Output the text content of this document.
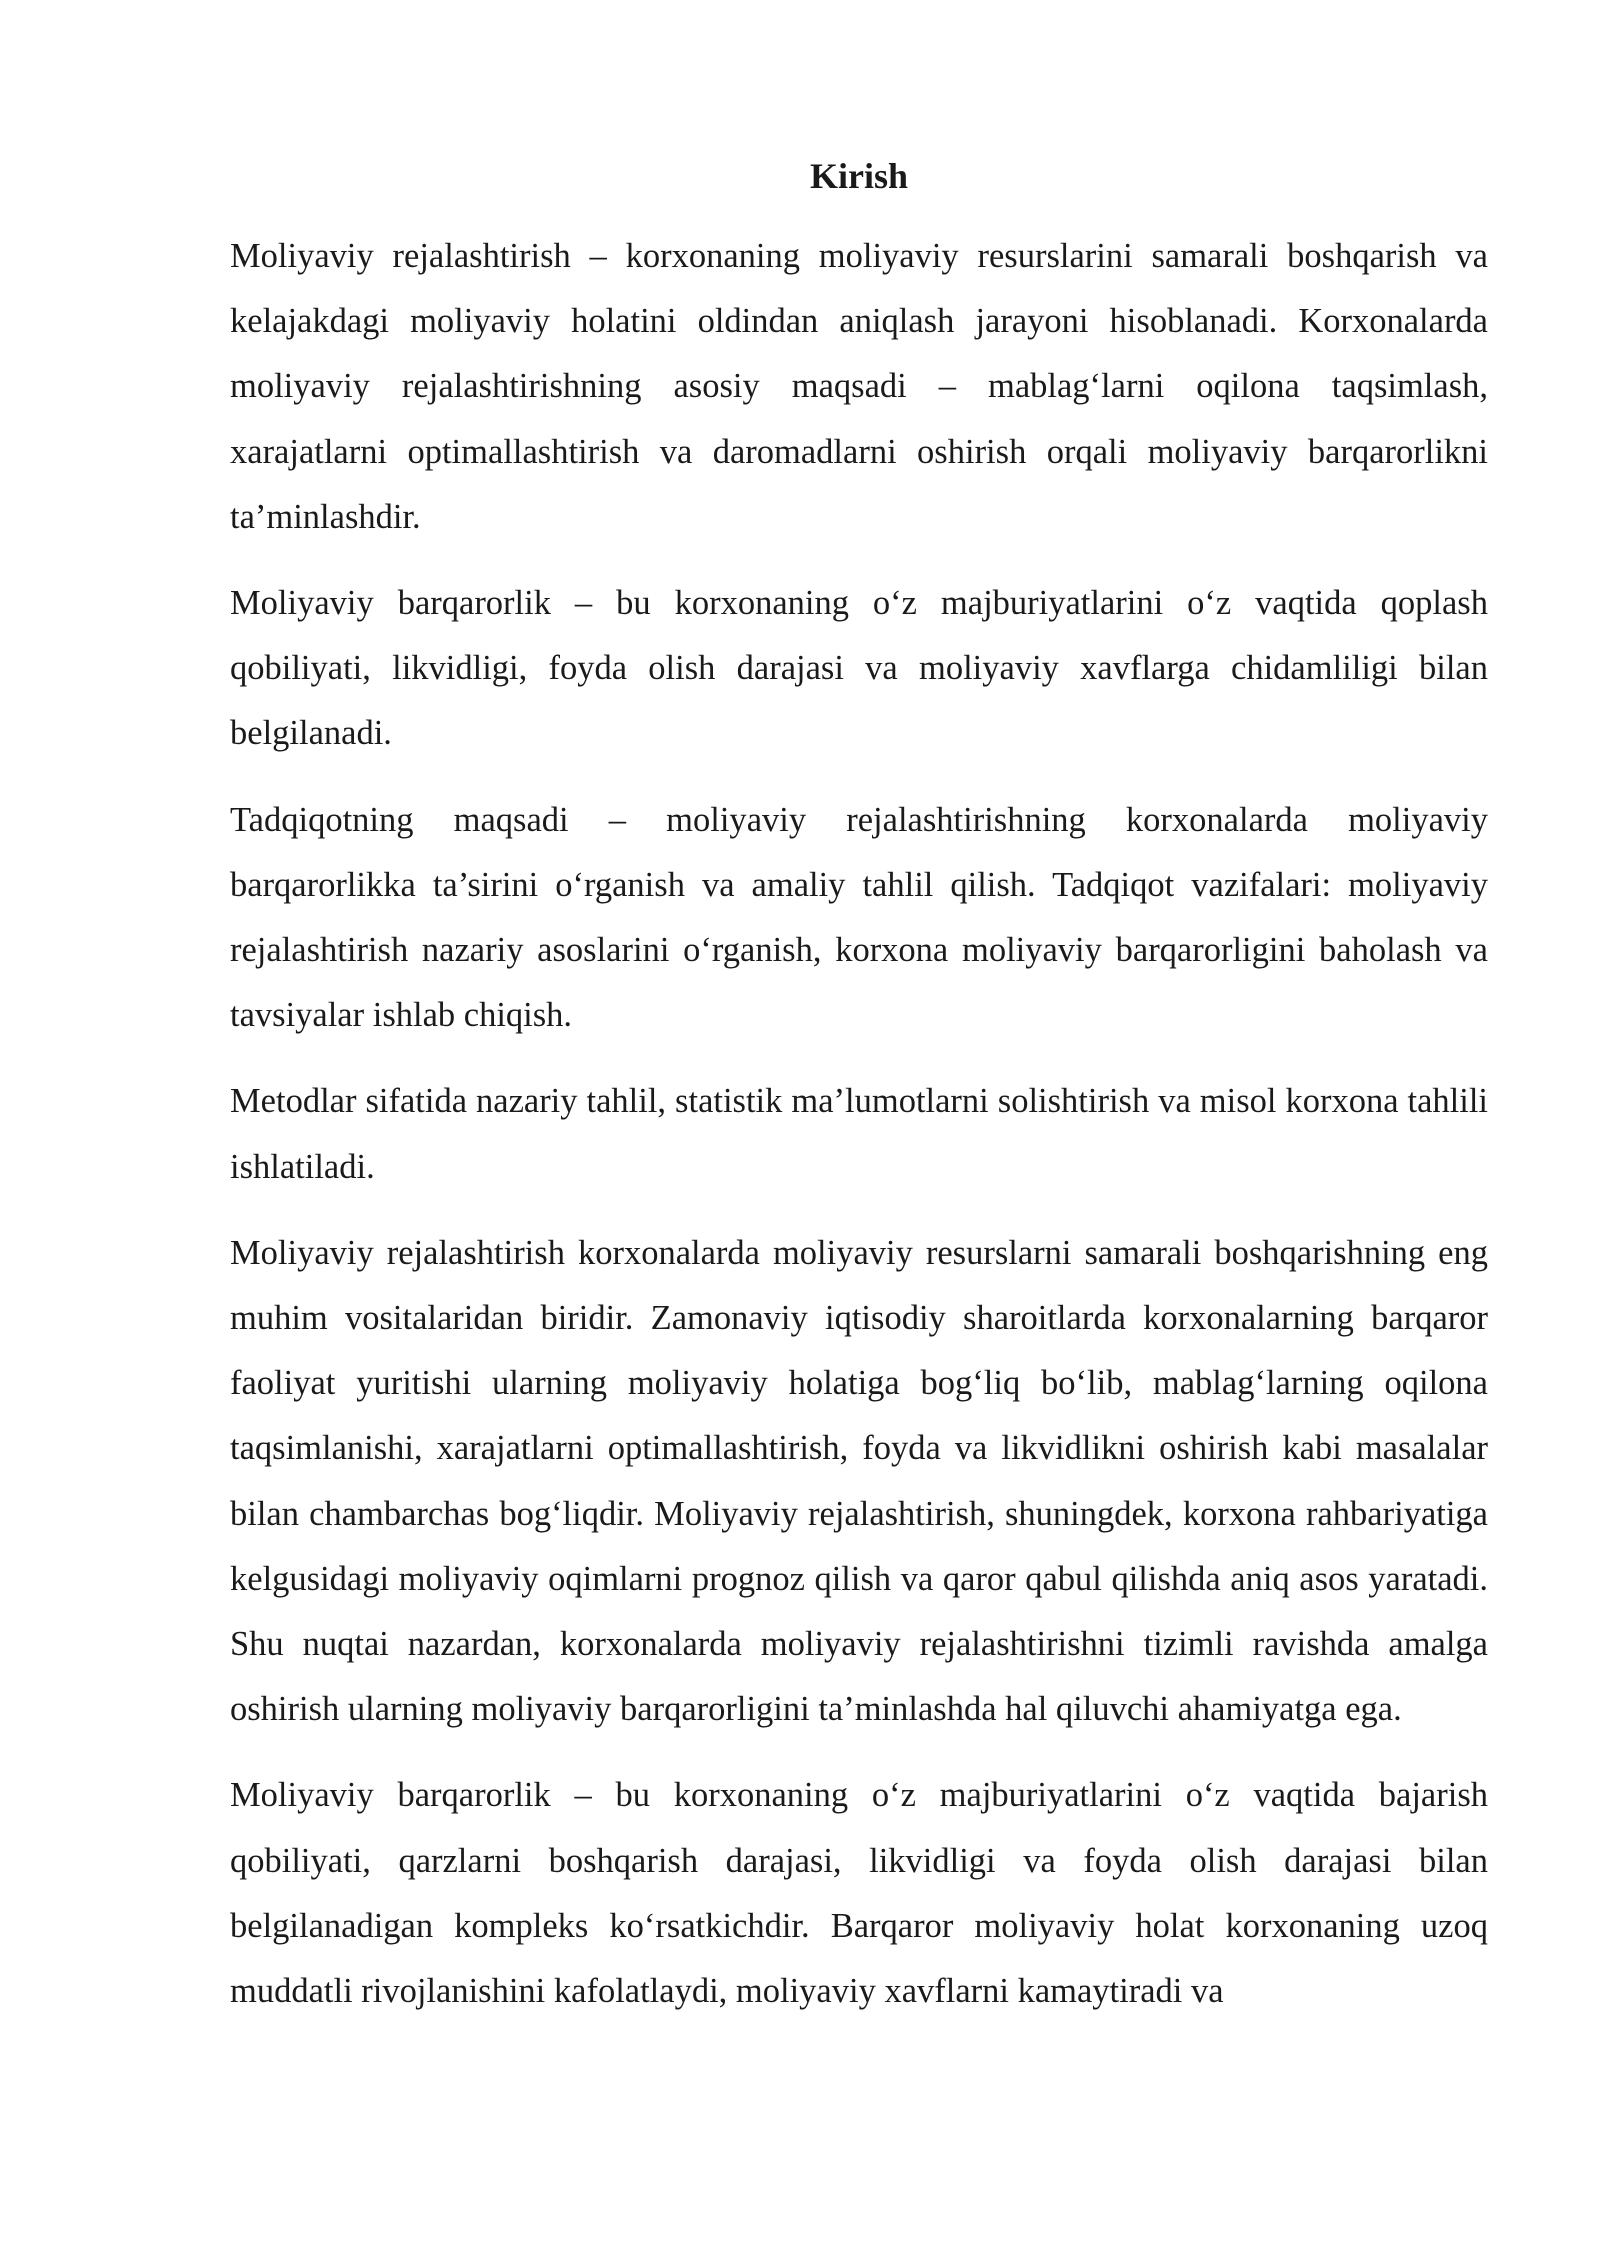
Kirish

Moliyaviy rejalashtirish – korxonaning moliyaviy resurslarini samarali boshqarish va kelajakdagi moliyaviy holatini oldindan aniqlash jarayoni hisoblanadi. Korxonalarda moliyaviy rejalashtirishning asosiy maqsadi – mablag‘larni oqilona taqsimlash, xarajatlarni optimallashtirish va daromadlarni oshirish orqali moliyaviy barqarorlikni ta’minlashdir.

Moliyaviy barqarorlik – bu korxonaning o‘z majburiyatlarini o‘z vaqtida qoplash qobiliyati, likvidligi, foyda olish darajasi va moliyaviy xavflarga chidamliligi bilan belgilanadi.

Tadqiqotning maqsadi – moliyaviy rejalashtirishning korxonalarda moliyaviy barqarorlikka ta’sirini o‘rganish va amaliy tahlil qilish. Tadqiqot vazifalari: moliyaviy rejalashtirish nazariy asoslarini o‘rganish, korxona moliyaviy barqarorligini baholash va tavsiyalar ishlab chiqish.

Metodlar sifatida nazariy tahlil, statistik ma’lumotlarni solishtirish va misol korxona tahlili ishlatiladi.

Moliyaviy rejalashtirish korxonalarda moliyaviy resurslarni samarali boshqarishning eng muhim vositalaridan biridir. Zamonaviy iqtisodiy sharoitlarda korxonalarning barqaror faoliyat yuritishi ularning moliyaviy holatiga bog‘liq bo‘lib, mablag‘larning oqilona taqsimlanishi, xarajatlarni optimallashtirish, foyda va likvidlikni oshirish kabi masalalar bilan chambarchas bog‘liqdir. Moliyaviy rejalashtirish, shuningdek, korxona rahbariyatiga kelgusidagi moliyaviy oqimlarni prognoz qilish va qaror qabul qilishda aniq asos yaratadi. Shu nuqtai nazardan, korxonalarda moliyaviy rejalashtirishni tizimli ravishda amalga oshirish ularning moliyaviy barqarorligini ta’minlashda hal qiluvchi ahamiyatga ega.

Moliyaviy barqarorlik – bu korxonaning o‘z majburiyatlarini o‘z vaqtida bajarish qobiliyati, qarzlarni boshqarish darajasi, likvidligi va foyda olish darajasi bilan belgilanadigan kompleks ko‘rsatkichdir. Barqaror moliyaviy holat korxonaning uzoq muddatli rivojlanishini kafolatlaydi, moliyaviy xavflarni kamaytiradi va
